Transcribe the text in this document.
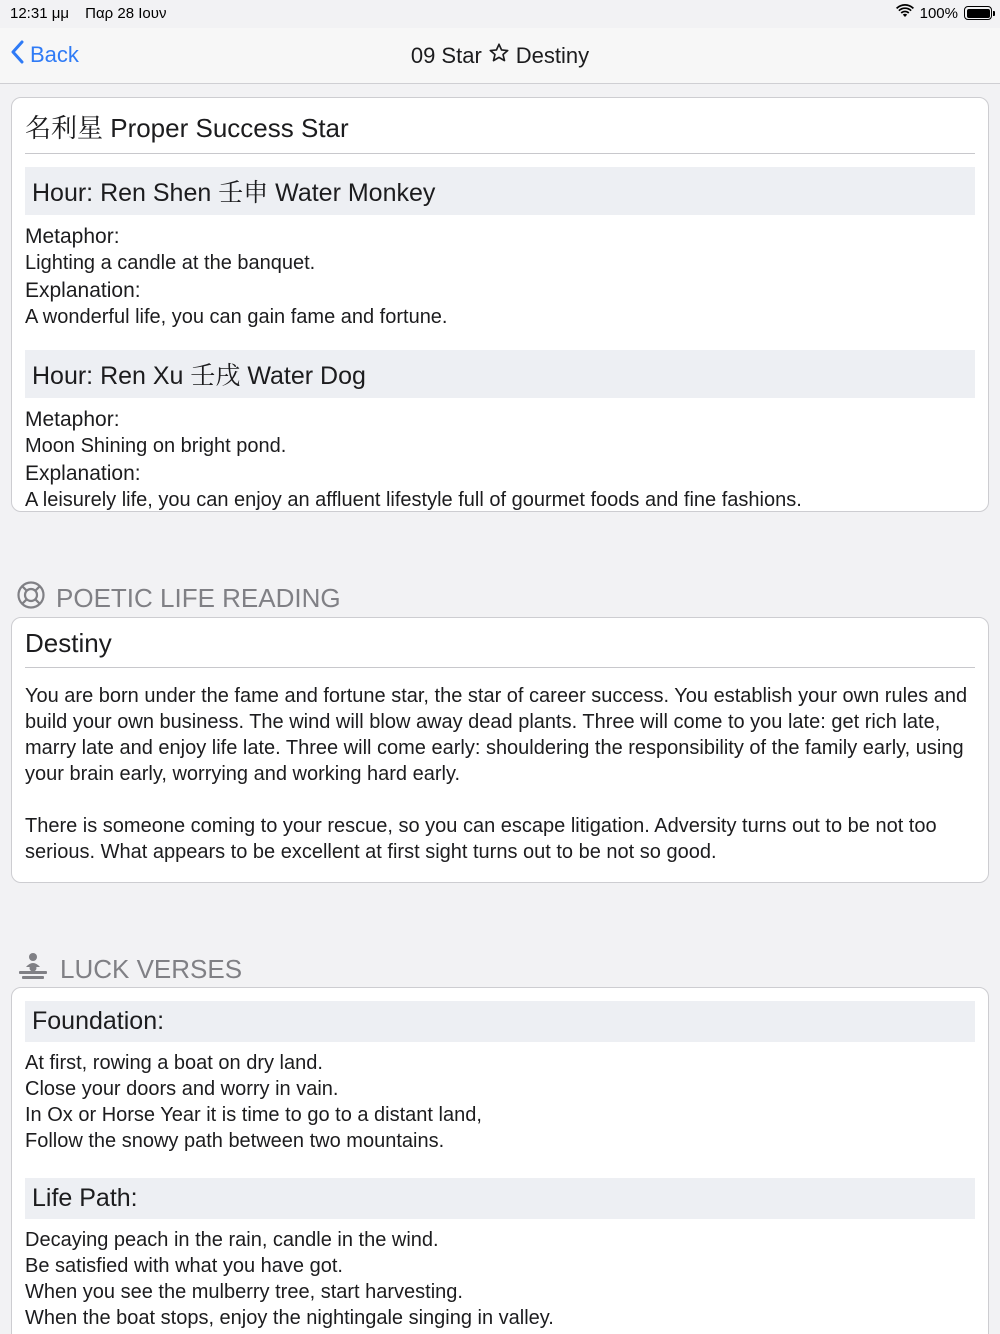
12:31 μμ Παρ 28 Ιουν	100%
Back	09 Star Destiny
名利星 Proper Success Star
Hour: Ren Shen 壬申 Water Monkey
Metaphor:
Lighting a candle at the banquet.
Explanation:
A wonderful life, you can gain fame and fortune.
Hour: Ren Xu 壬戌 Water Dog
Metaphor:
Moon Shining on bright pond.
Explanation:
A leisurely life, you can enjoy an affluent lifestyle full of gourmet foods and fine fashions.
POETIC LIFE READING
Destiny
You are born under the fame and fortune star, the star of career success. You establish your own rules and build your own business. The wind will blow away dead plants. Three will come to you late: get rich late, marry late and enjoy life late. Three will come early: shouldering the responsibility of the family early, using your brain early, worrying and working hard early.
There is someone coming to your rescue, so you can escape litigation. Adversity turns out to be not too serious. What appears to be excellent at first sight turns out to be not so good.
LUCK VERSES
Foundation:
At first, rowing a boat on dry land.
Close your doors and worry in vain.
In Ox or Horse Year it is time to go to a distant land,
Follow the snowy path between two mountains.
Life Path:
Decaying peach in the rain, candle in the wind.
Be satisfied with what you have got.
When you see the mulberry tree, start harvesting.
When the boat stops, enjoy the nightingale singing in valley.
